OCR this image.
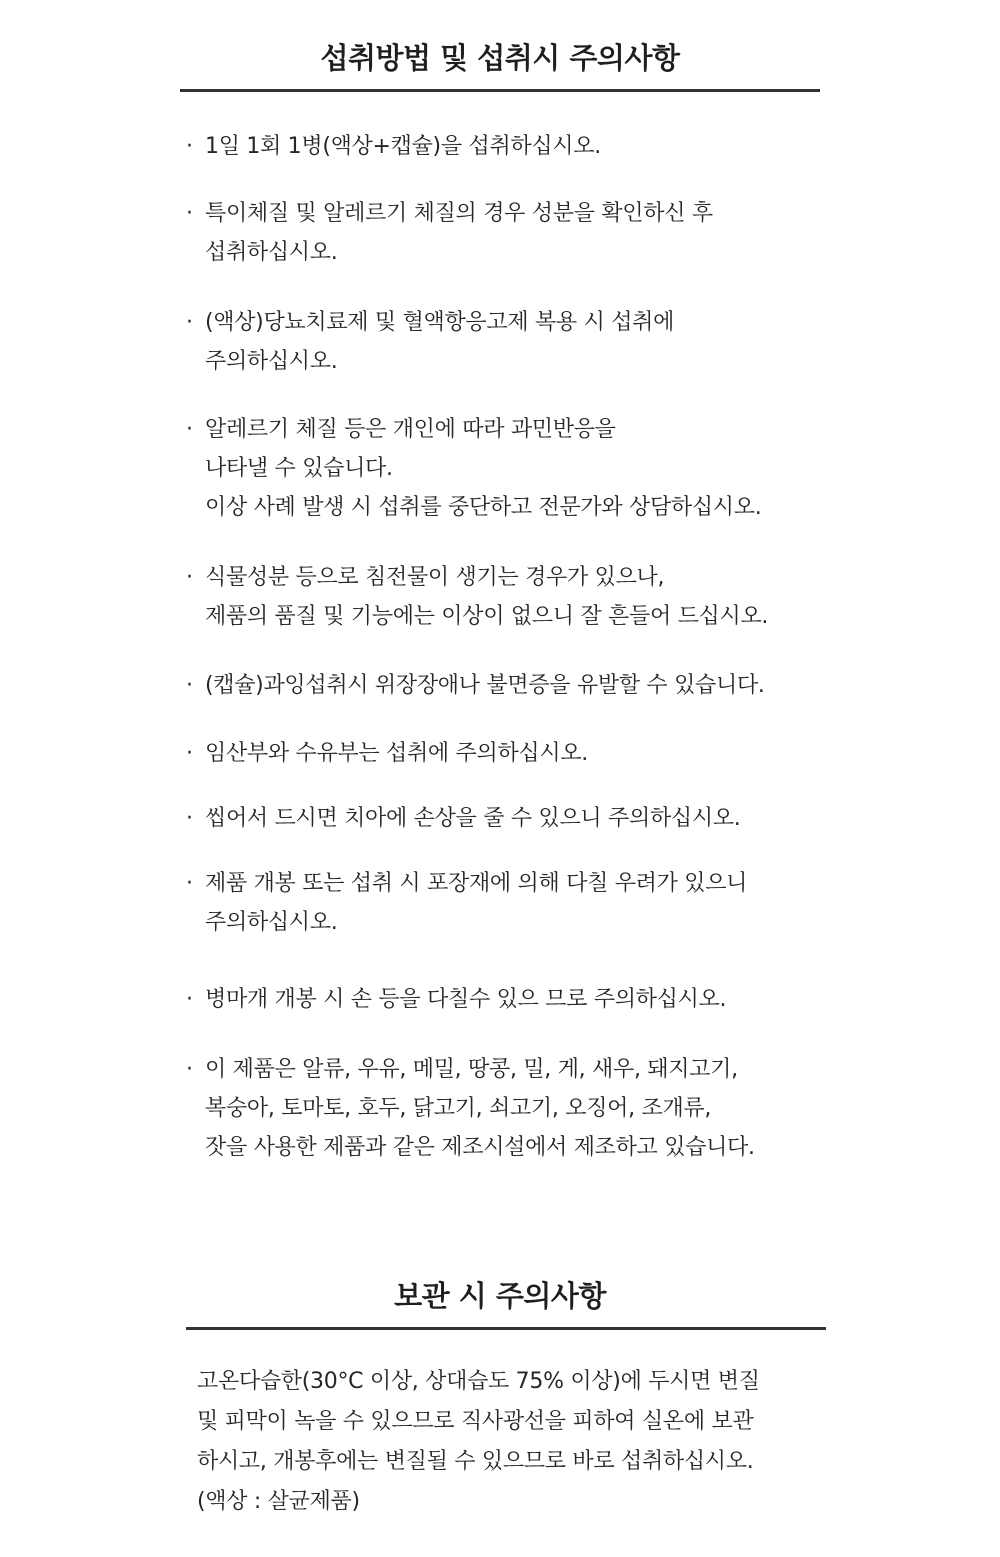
섭취방법 및 섭취시 주의사항
· 1일 1회 1병(액상+캡슐)을 섭취하십시오.
· 특이체질 및 알레르기 체질의 경우 성분을 확인하신 후
섭취하십시오.
· (액상)당뇨치료제 및 혈액항응고제 복용 시 섭취에
주의하십시오.
· 알레르기 체질 등은 개인에 따라 과민반응을
나타낼 수 있습니다.
이상 사례 발생 시 섭취를 중단하고 전문가와 상담하십시오.
· 식물성분 등으로 침전물이 생기는 경우가 있으나,
제품의 품질 및 기능에는 이상이 없으니 잘 흔들어 드십시오.
· (캡슐)과잉섭취시 위장장애나 불면증을 유발할 수 있습니다.
· 임산부와 수유부는 섭취에 주의하십시오.
· 씹어서 드시면 치아에 손상을 줄 수 있으니 주의하십시오.
· 제품 개봉 또는 섭취 시 포장재에 의해 다칠 우려가 있으니
주의하십시오.
· 병마개 개봉 시 손 등을 다칠수 있으 므로 주의하십시오.
· 이 제품은 알류, 우유, 메밀, 땅콩, 밀, 게, 새우, 돼지고기,
복숭아, 토마토, 호두, 닭고기, 쇠고기, 오징어, 조개류,
잣을 사용한 제품과 같은 제조시설에서 제조하고 있습니다.
보관 시 주의사항
고온다습한(30°C 이상, 상대습도 75% 이상)에 두시면 변질
및 피막이 녹을 수 있으므로 직사광선을 피하여 실온에 보관
하시고, 개봉후에는 변질될 수 있으므로 바로 섭취하십시오.
(액상 : 살균제품)
